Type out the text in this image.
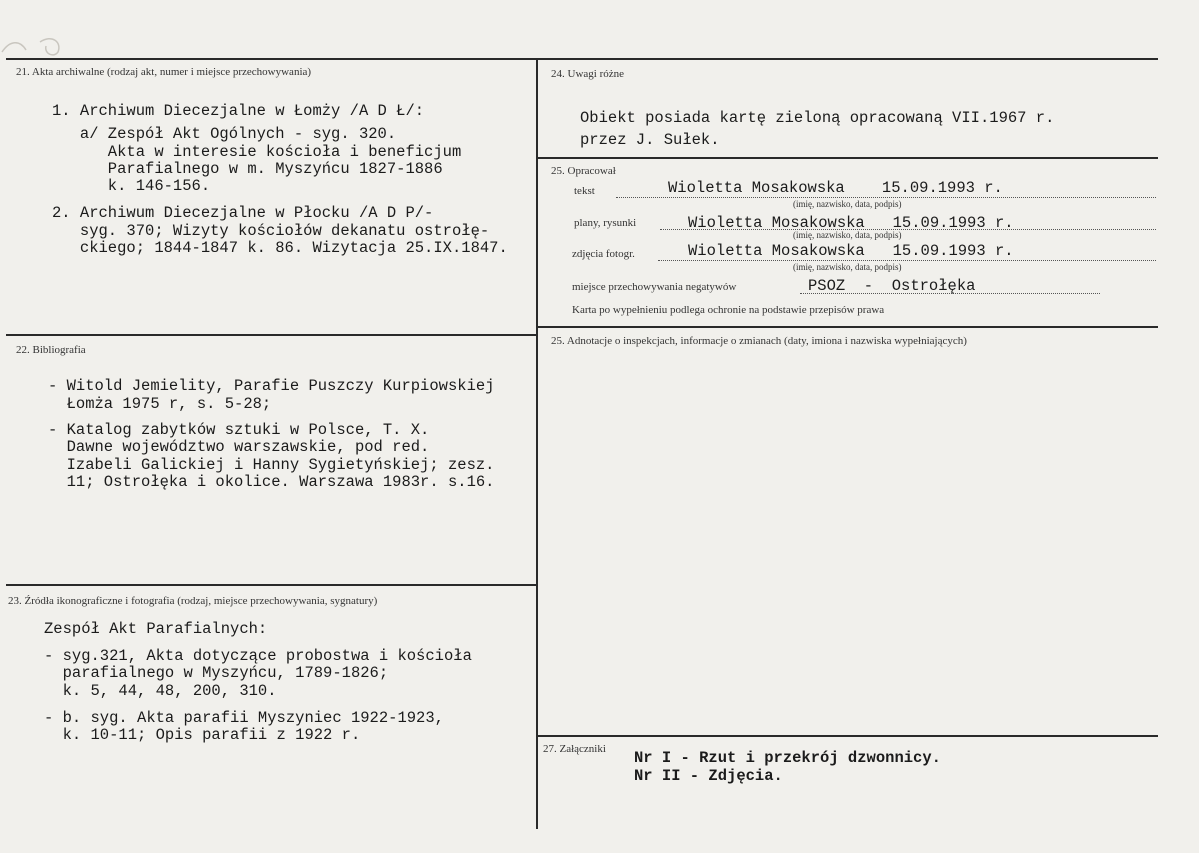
21. Akta archiwalne (rodzaj akt, numer i miejsce przechowywania)
1. Archiwum Diecezjalne w Łomży /A D Ł/:
a/ Zespół Akt Ogólnych - syg. 320.
Akta w interesie kościoła i beneficjum
Parafialnego w m. Myszyńcu 1827-1886
k. 146-156.
2. Archiwum Diecezjalne w Płocku /A D P/-
syg. 370; Wizyty kościołów dekanatu ostrołę-
ckiego; 1844-1847 k. 86. Wizytacja 25.IX.1847.
22. Bibliografia
- Witold Jemielity, Parafie Puszczy Kurpiowskiej
Łomża 1975 r, s. 5-28;
- Katalog zabytków sztuki w Polsce, T. X.
Dawne województwo warszawskie, pod red.
Izabeli Galickiej i Hanny Sygietyńskiej; zesz.
11; Ostrołęka i okolice. Warszawa 1983r. s.16.
23. Źródła ikonograficzne i fotografia (rodzaj, miejsce przechowywania, sygnatury)
Zespół Akt Parafialnych:
- syg.321, Akta dotyczące probostwa i kościoła
parafialnego w Myszyńcu, 1789-1826;
k. 5, 44, 48, 200, 310.
- b. syg. Akta parafii Myszyniec 1922-1923,
k. 10-11; Opis parafii z 1922 r.
24. Uwagi różne
Obiekt posiada kartę zieloną opracowaną VII.1967 r.
przez J. Sułek.
25. Opracował
tekst	Wioletta Mosakowska    15.09.1993 r.
(imię, nazwisko, data, podpis)
plany, rysunki	Wioletta Mosakowska   15.09.1993 r.
(imię, nazwisko, data, podpis)
zdjęcia fotogr.	Wioletta Mosakowska   15.09.1993 r.
(imię, nazwisko, data, podpis)
miejsce przechowywania negatywów	PSOZ  -  Ostrołęka
Karta po wypełnieniu podlega ochronie na podstawie przepisów prawa
25. Adnotacje o inspekcjach, informacje o zmianach (daty, imiona i nazwiska wypełniających)
27. Załączniki Nr I - Rzut i przekrój dzwonnicy.
Nr II - Zdjęcia.
